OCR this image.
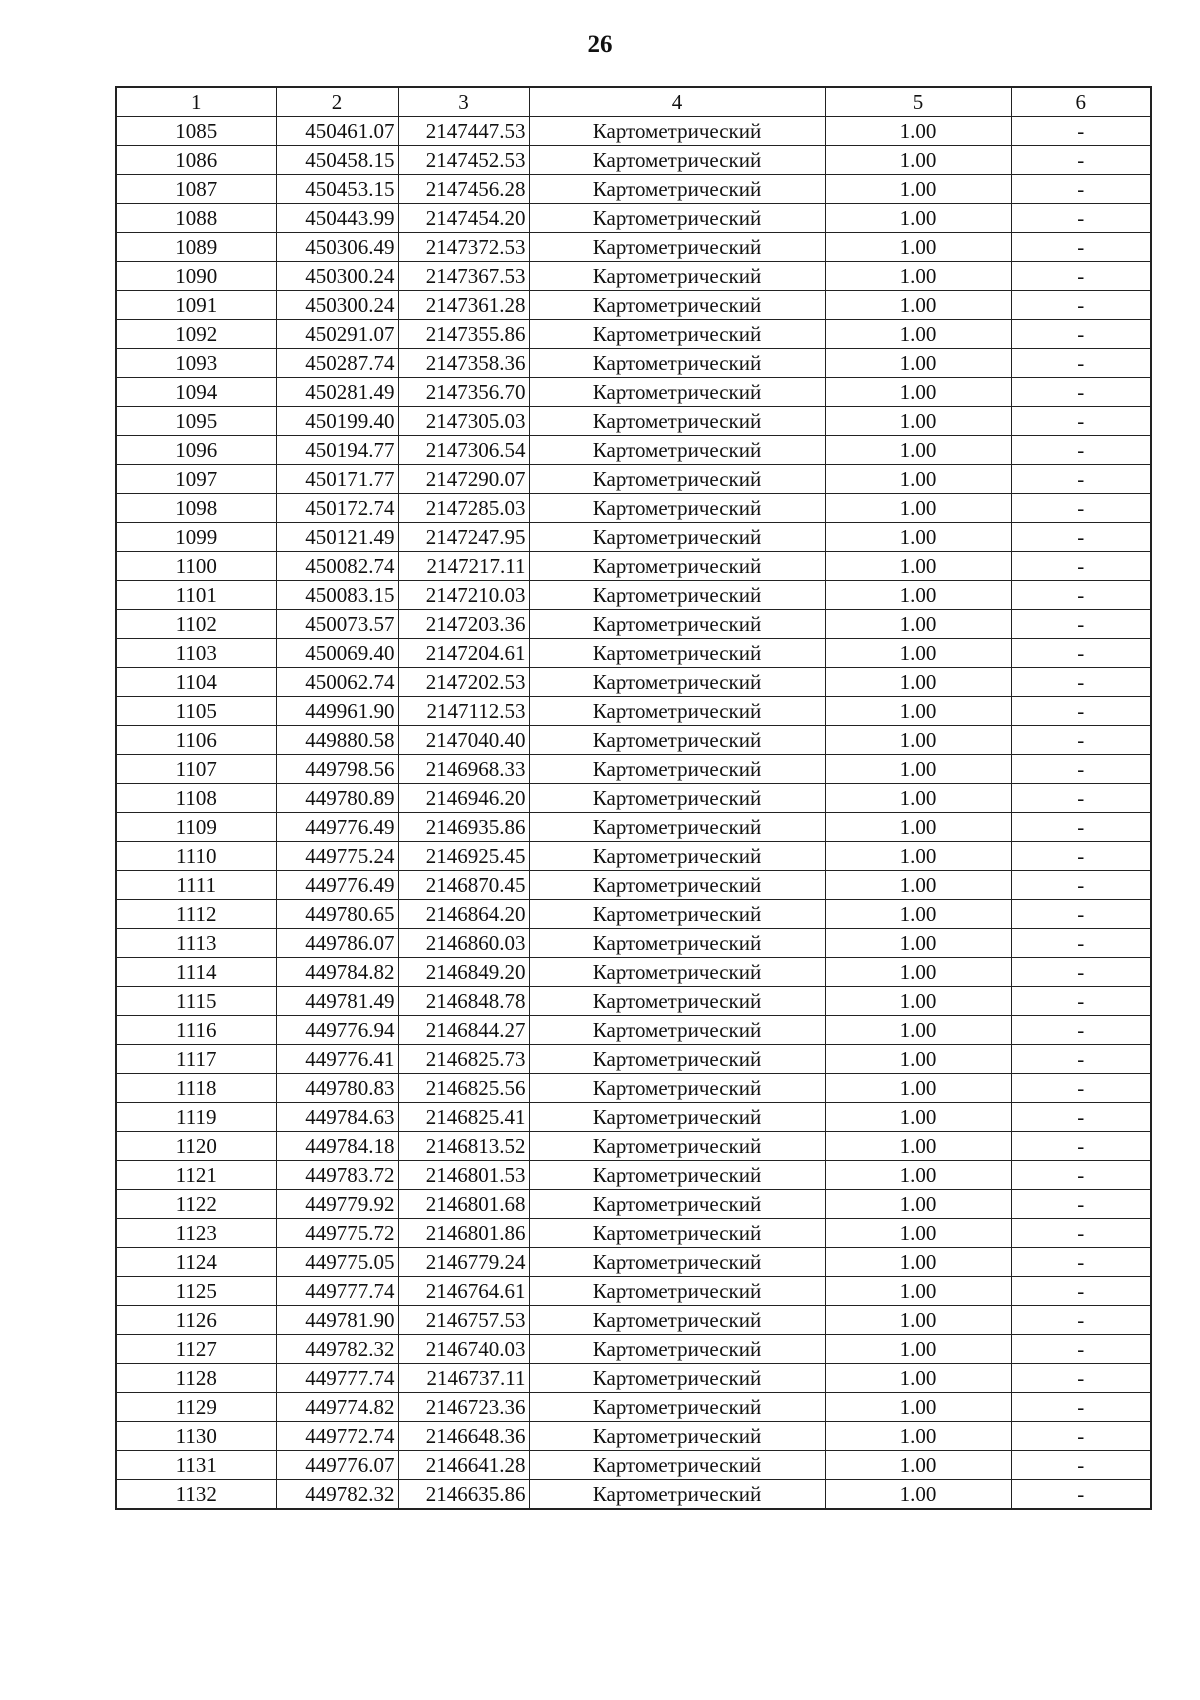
26
1	2	3	4	5	6
1085	450461.07	2147447.53	Картометрический	1.00	-
1086	450458.15	2147452.53	Картометрический	1.00	-
1087	450453.15	2147456.28	Картометрический	1.00	-
1088	450443.99	2147454.20	Картометрический	1.00	-
1089	450306.49	2147372.53	Картометрический	1.00	-
1090	450300.24	2147367.53	Картометрический	1.00	-
1091	450300.24	2147361.28	Картометрический	1.00	-
1092	450291.07	2147355.86	Картометрический	1.00	-
1093	450287.74	2147358.36	Картометрический	1.00	-
1094	450281.49	2147356.70	Картометрический	1.00	-
1095	450199.40	2147305.03	Картометрический	1.00	-
1096	450194.77	2147306.54	Картометрический	1.00	-
1097	450171.77	2147290.07	Картометрический	1.00	-
1098	450172.74	2147285.03	Картометрический	1.00	-
1099	450121.49	2147247.95	Картометрический	1.00	-
1100	450082.74	2147217.11	Картометрический	1.00	-
1101	450083.15	2147210.03	Картометрический	1.00	-
1102	450073.57	2147203.36	Картометрический	1.00	-
1103	450069.40	2147204.61	Картометрический	1.00	-
1104	450062.74	2147202.53	Картометрический	1.00	-
1105	449961.90	2147112.53	Картометрический	1.00	-
1106	449880.58	2147040.40	Картометрический	1.00	-
1107	449798.56	2146968.33	Картометрический	1.00	-
1108	449780.89	2146946.20	Картометрический	1.00	-
1109	449776.49	2146935.86	Картометрический	1.00	-
1110	449775.24	2146925.45	Картометрический	1.00	-
1111	449776.49	2146870.45	Картометрический	1.00	-
1112	449780.65	2146864.20	Картометрический	1.00	-
1113	449786.07	2146860.03	Картометрический	1.00	-
1114	449784.82	2146849.20	Картометрический	1.00	-
1115	449781.49	2146848.78	Картометрический	1.00	-
1116	449776.94	2146844.27	Картометрический	1.00	-
1117	449776.41	2146825.73	Картометрический	1.00	-
1118	449780.83	2146825.56	Картометрический	1.00	-
1119	449784.63	2146825.41	Картометрический	1.00	-
1120	449784.18	2146813.52	Картометрический	1.00	-
1121	449783.72	2146801.53	Картометрический	1.00	-
1122	449779.92	2146801.68	Картометрический	1.00	-
1123	449775.72	2146801.86	Картометрический	1.00	-
1124	449775.05	2146779.24	Картометрический	1.00	-
1125	449777.74	2146764.61	Картометрический	1.00	-
1126	449781.90	2146757.53	Картометрический	1.00	-
1127	449782.32	2146740.03	Картометрический	1.00	-
1128	449777.74	2146737.11	Картометрический	1.00	-
1129	449774.82	2146723.36	Картометрический	1.00	-
1130	449772.74	2146648.36	Картометрический	1.00	-
1131	449776.07	2146641.28	Картометрический	1.00	-
1132	449782.32	2146635.86	Картометрический	1.00	-
